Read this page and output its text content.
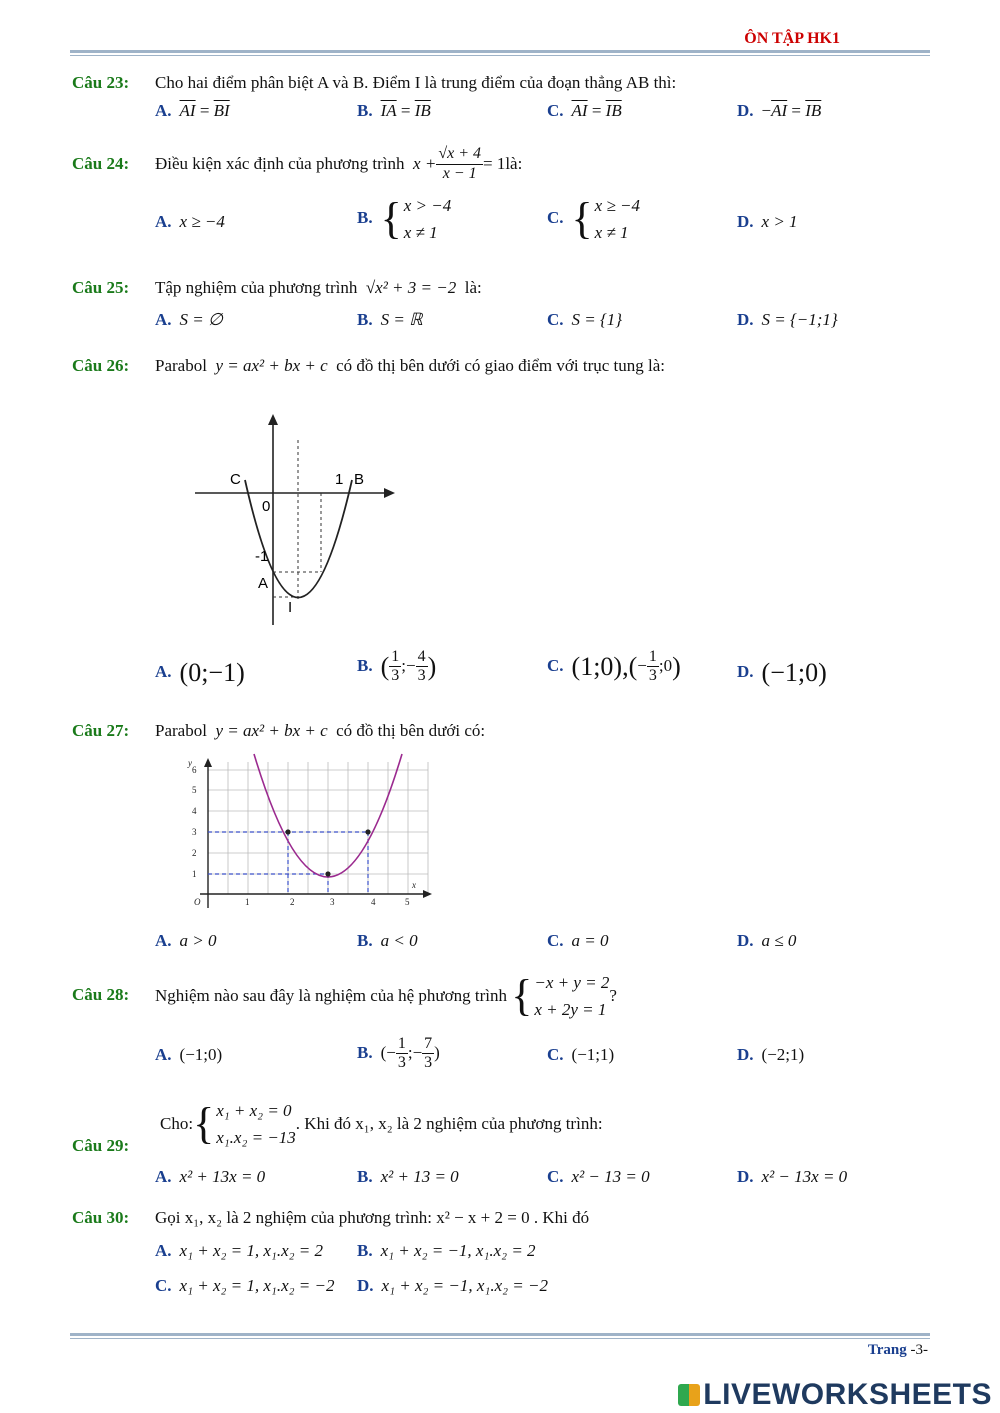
ÔN TẬP HK1
Câu 23: Cho hai điểm phân biệt A và B. Điểm I là trung điểm của đoạn thẳng AB thì:
A. $\overline{AI} = \overline{BI}$	B. $\overline{IA} = \overline{IB}$	C. $\overline{AI} = \overline{IB}$	D. $-\overline{AI} = \overline{IB}$
Câu 24: Điều kiện xác định của phương trình
$x + \frac{√x + 4}{x - 1}$ = 1là:
A. x ≥ −4	B. { x > −4
x ≠ 1
C. { x ≥ −4
x ≠ 1
D. x > 1
Câu 25: Tập nghiệm của phương trình √x² + 3 = −2 là:
A. S = ∅	B. S = ℝ	C. S = {1}	D. S = {−1;1}
Câu 26: Parabol y = ax² + bx + c có đồ thị bên dưới có giao điểm với trục tung là:
C	1 B
0
-1
A
I
A. (0;−1)	B. ( $\frac{1}{3}$ ;− $\frac{4}{3}$ )	C. (1;0),(− $\frac{1}{3}$ ;0)	D. (−1;0)
Câu 27: Parabol y = ax² + bx + c có đồ thị bên dưới có:
y
x
O
1
2
3
4
5
6
1	2	3	4	5
A. a > 0	B. a < 0	C. a = 0	D. a ≤ 0
Câu 28: Nghiệm nào sau đây là nghiệm của hệ phương trình
{ −x + y = 2
x + 2y = 1
?
A. (−1;0)	B. (− $\frac{1}{3}$ ;− $\frac{7}{3}$ )	C. (−1;1)	D. (−2;1)
Câu 29:
Cho: { x₁ + x₂ = 0
x₁.x₂ = −13
. Khi đó x₁, x₂ là 2 nghiệm của phương trình:
A. x² + 13x = 0	B. x² + 13 = 0	C. x² − 13 = 0	D. x² − 13x = 0
Câu 30: Gọi x₁, x₂ là 2 nghiệm của phương trình: x² − x + 2 = 0 . Khi đó
A. x₁ + x₂ = 1, x₁.x₂ = 2 B. x₁ + x₂ = −1, x₁.x₂ = 2
C. x₁ + x₂ = 1, x₁.x₂ = −2 D. x₁ + x₂ = −1, x₁.x₂ = −2
Trang -3-
LIVEWORKSHEETS
